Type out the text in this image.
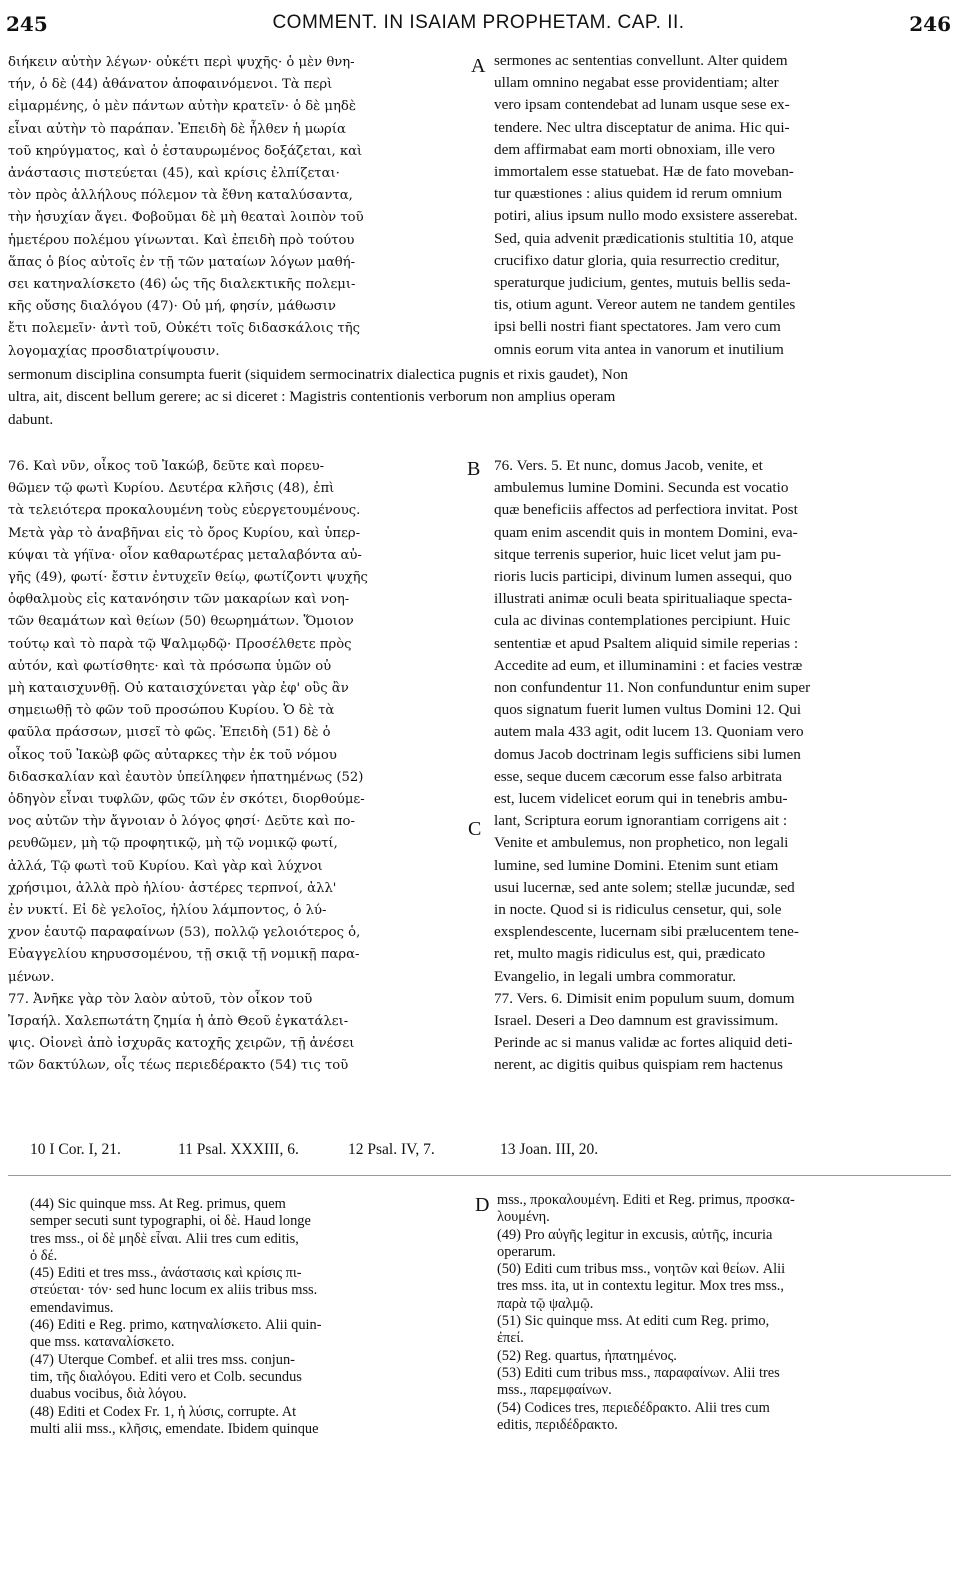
245	COMMENT. IN ISAIAM PROPHETAM. CAP. II.	246
διήκειν αὐτὴν λέγων· οὐκέτι περὶ ψυχῆς· ὁ μὲν θνη-
τήν, ὁ δὲ (44) ἀθάνατον ἀποφαινόμενοι. Τὰ περὶ
εἱμαρμένης, ὁ μὲν πάντων αὐτὴν κρατεῖν· ὁ δὲ μηδὲ
εἶναι αὐτὴν τὸ παράπαν. Ἐπειδὴ δὲ ἦλθεν ἡ μωρία
τοῦ κηρύγματος, καὶ ὁ ἐσταυρωμένος δοξάζεται, καὶ
ἀνάστασις πιστεύεται (45), καὶ κρίσις ἐλπίζεται·
τὸν πρὸς ἀλλήλους πόλεμον τὰ ἔθνη καταλύσαντα,
τὴν ἡσυχίαν ἄγει. Φοβοῦμαι δὲ μὴ θεαταὶ λοιπὸν τοῦ
ἡμετέρου πολέμου γίνωνται. Καὶ ἐπειδὴ πρὸ τούτου
ἅπας ὁ βίος αὐτοῖς ἐν τῇ τῶν ματαίων λόγων μαθή-
σει κατηναλίσκετο (46) ὡς τῆς διαλεκτικῆς πολεμι-
κῆς οὔσης διαλόγου (47)· Οὐ μή, φησίν, μάθωσιν
ἔτι πολεμεῖν· ἀντὶ τοῦ, Οὐκέτι τοῖς διδασκάλοις τῆς
λογομαχίας προσδιατρίψουσιν.
sermones ac sententias convellunt. Alter quidem
ullam omnino negabat esse providentiam; alter
vero ipsam contendebat ad lunam usque sese ex-
tendere. Nec ultra disceptatur de anima. Hic qui-
dem affirmabat eam morti obnoxiam, ille vero
immortalem esse statuebat. Hæ de fato moveban-
tur quæstiones : alius quidem id rerum omnium
potiri, alius ipsum nullo modo exsistere asserebat.
Sed, quia advenit prædicationis stultitia 10, atque
crucifixo datur gloria, quia resurrectio creditur,
speraturque judicium, gentes, mutuis bellis seda-
tis, otium agunt. Vereor autem ne tandem gentiles
ipsi belli nostri fiant spectatores. Jam vero cum
omnis eorum vita antea in vanorum et inutilium
A
sermonum disciplina consumpta fuerit (siquidem sermocinatrix dialectica pugnis et rixis gaudet), Non
ultra, ait, discent bellum gerere; ac si diceret : Magistris contentionis verborum non amplius operam
dabunt.
B
76. Καὶ νῦν, οἶκος τοῦ Ἰακώβ, δεῦτε καὶ πορευ-
θῶμεν τῷ φωτὶ Κυρίου. Δευτέρα κλῆσις (48), ἐπὶ
τὰ τελειότερα προκαλουμένη τοὺς εὐεργετουμένους.
Μετὰ γὰρ τὸ ἀναβῆναι εἰς τὸ ὄρος Κυρίου, καὶ ὑπερ-
κύψαι τὰ γήϊνα· οἷον καθαρωτέρας μεταλαβόντα αὐ-
γῆς (49), φωτί· ἔστιν ἐντυχεῖν θείῳ, φωτίζοντι ψυχῆς
ὀφθαλμοὺς εἰς κατανόησιν τῶν μακαρίων καὶ νοη-
τῶν θεαμάτων καὶ θείων (50) θεωρημάτων. Ὅμοιον
τούτῳ καὶ τὸ παρὰ τῷ Ψαλμῳδῷ· Προσέλθετε πρὸς
αὐτόν, καὶ φωτίσθητε· καὶ τὰ πρόσωπα ὑμῶν οὐ
μὴ καταισχυνθῇ. Οὐ καταισχύνεται γὰρ ἐφ' οὓς ἂν
σημειωθῇ τὸ φῶν τοῦ προσώπου Κυρίου. Ὁ δὲ τὰ
φαῦλα πράσσων, μισεῖ τὸ φῶς. Ἐπειδὴ (51) δὲ ὁ
οἶκος τοῦ Ἰακὼβ φῶς αὐταρκες τὴν ἐκ τοῦ νόμου
διδασκαλίαν καὶ ἑαυτὸν ὑπείληφεν ἠπατημένως (52)
ὁδηγὸν εἶναι τυφλῶν, φῶς τῶν ἐν σκότει, διορθούμε-
νος αὐτῶν τὴν ἄγνοιαν ὁ λόγος φησί· Δεῦτε καὶ πο-
ρευθῶμεν, μὴ τῷ προφητικῷ, μὴ τῷ νομικῷ φωτί,
ἀλλά, Τῷ φωτὶ τοῦ Κυρίου. Καὶ γὰρ καὶ λύχνοι
χρήσιμοι, ἀλλὰ πρὸ ἡλίου· ἀστέρες τερπνοί, ἀλλ'
ἐν νυκτί. Εἰ δὲ γελοῖος, ἡλίου λάμποντος, ὁ λύ-
χνον ἑαυτῷ παραφαίνων (53), πολλῷ γελοιότερος ὁ,
Εὐαγγελίου κηρυσσομένου, τῇ σκιᾷ τῇ νομικῇ παρα-
μένων.
77. Ἀνῆκε γὰρ τὸν λαὸν αὐτοῦ, τὸν οἶκον τοῦ
Ἰσραήλ. Χαλεπωτάτη ζημία ἡ ἀπὸ Θεοῦ ἐγκατάλει-
ψις. Οἱονεὶ ἀπὸ ἰσχυρᾶς κατοχῆς χειρῶν, τῇ ἀνέσει
τῶν δακτύλων, οἷς τέως περιεδέρακτο (54) τις τοῦ
76. Vers. 5. Et nunc, domus Jacob, venite, et
ambulemus lumine Domini. Secunda est vocatio
quæ beneficiis affectos ad perfectiora invitat. Post
quam enim ascendit quis in montem Domini, eva-
sitque terrenis superior, huic licet velut jam pu-
rioris lucis participi, divinum lumen assequi, quo
illustrati animæ oculi beata spiritualiaque specta-
cula ac divinas contemplationes percipiunt. Huic
sententiæ et apud Psaltem aliquid simile reperias :
Accedite ad eum, et illuminamini : et facies vestræ
non confundentur 11. Non confunduntur enim super
quos signatum fuerit lumen vultus Domini 12. Qui
autem mala 433 agit, odit lucem 13. Quoniam vero
domus Jacob doctrinam legis sufficiens sibi lumen
esse, seque ducem cæcorum esse falso arbitrata
est, lucem videlicet eorum qui in tenebris ambu-
lant, Scriptura eorum ignorantiam corrigens ait :
Venite et ambulemus, non prophetico, non legali
lumine, sed lumine Domini. Etenim sunt etiam
usui lucernæ, sed ante solem; stellæ jucundæ, sed
in nocte. Quod si is ridiculus censetur, qui, sole
exsplendescente, lucernam sibi prælucentem tene-
ret, multo magis ridiculus est, qui, prædicato
Evangelio, in legali umbra commoratur.
77. Vers. 6. Dimisit enim populum suum, domum
Israel. Deseri a Deo damnum est gravissimum.
Perinde ac si manus validæ ac fortes aliquid deti-
nerent, ac digitis quibus quispiam rem hactenus
C
10 I Cor. I, 21.	11 Psal. XXXIII, 6.	12 Psal. IV, 7.	13 Joan. III, 20.
(44) Sic quinque mss. At Reg. primus, quem
semper secuti sunt typographi, οἱ δὲ. Haud longe
tres mss., οἱ δὲ μηδὲ εἶναι. Alii tres cum editis,
ὁ δέ.
(45) Editi et tres mss., ἀνάστασις καὶ κρίσις πι-
στεύεται· τόν· sed hunc locum ex aliis tribus mss.
emendavimus.
(46) Editi e Reg. primo, κατηναλίσκετο. Alii quin-
que mss. καταναλίσκετο.
(47) Uterque Combef. et alii tres mss. conjun-
tim, τῆς διαλόγου. Editi vero et Colb. secundus
duabus vocibus, διὰ λόγου.
(48) Editi et Codex Fr. 1, ἡ λύσις, corrupte. At
multi alii mss., κλῆσις, emendate. Ibidem quinque
D mss., προκαλουμένη. Editi et Reg. primus, προσκα-
λουμένη.
(49) Pro αὐγῆς legitur in excusis, αὐτῆς, incuria
operarum.
(50) Editi cum tribus mss., νοητῶν καὶ θείων. Alii
tres mss. ita, ut in contextu legitur. Mox tres mss.,
παρὰ τῷ ψαλμῷ.
(51) Sic quinque mss. At editi cum Reg. primo,
ἐπεί.
(52) Reg. quartus, ἠπατημένος.
(53) Editi cum tribus mss., παραφαίνων. Alii tres
mss., παρεμφαίνων.
(54) Codices tres, περιεδέδρακτο. Alii tres cum
editis, περιδέδρακτο.
